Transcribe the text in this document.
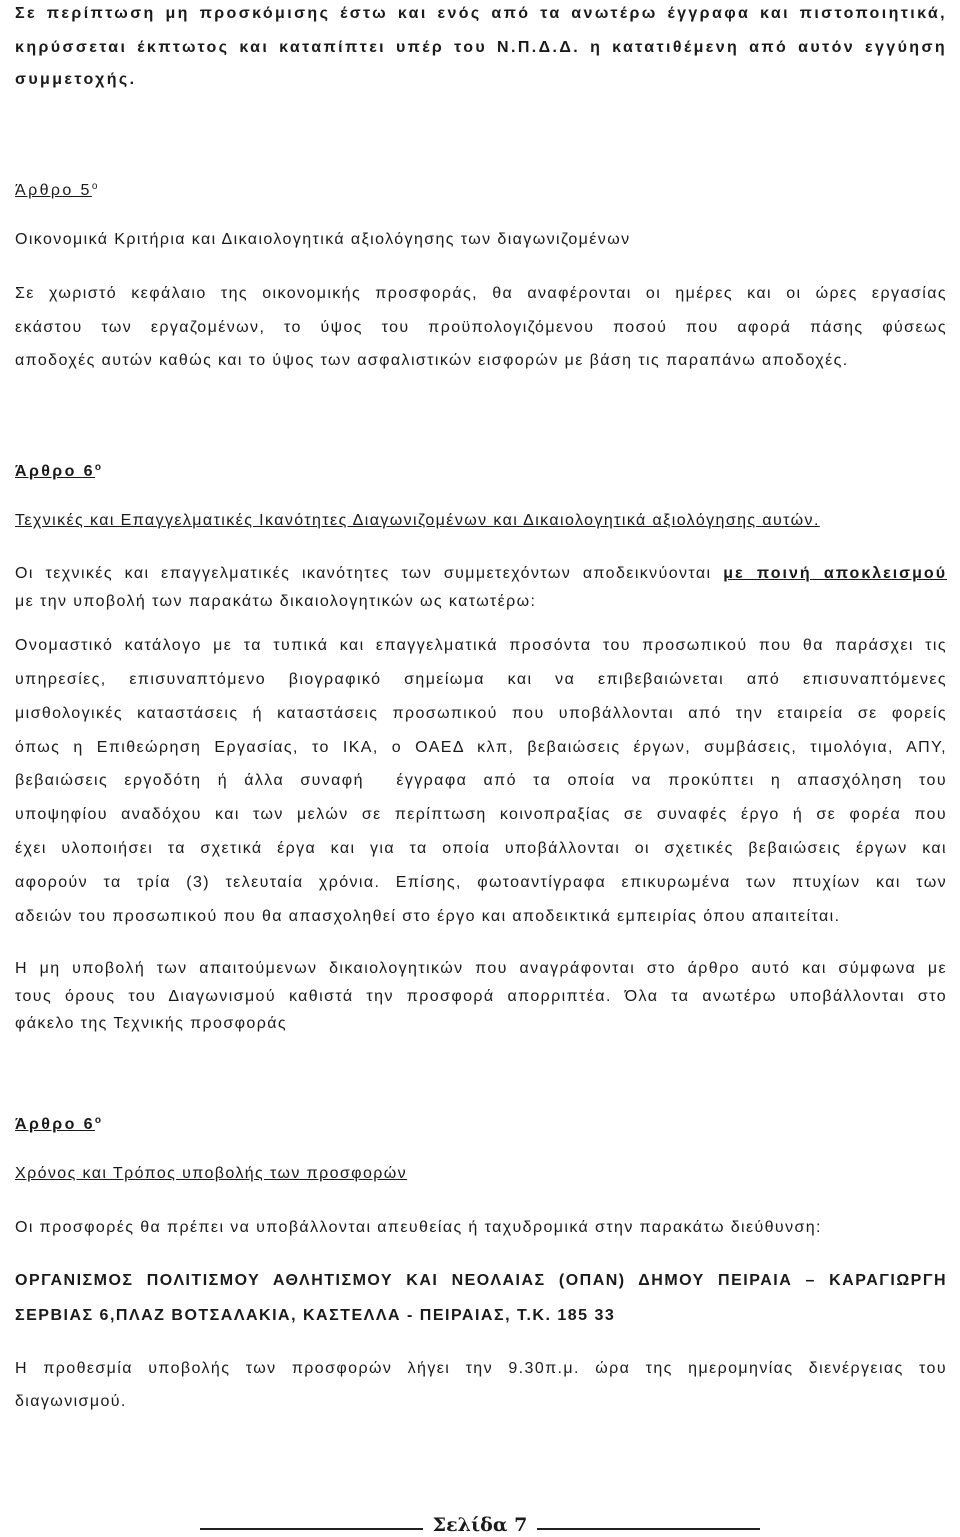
Σε περίπτωση μη προσκόμισης έστω και ενός από τα ανωτέρω έγγραφα και πιστοποιητικά,

κηρύσσεται έκπτωτος και καταπίπτει υπέρ του Ν.Π.Δ.Δ. η κατατιθέμενη από αυτόν εγγύηση

συμμετοχής.

Άρθρο $5^o$

Οικονομικά Κριτήρια και Δικαιολογητικά αξιολόγησης των διαγωνιζομένων

Σε χωριστό κεφάλαιο της οικονομικής προσφοράς, θα αναφέρονται οι ημέρες και οι ώρες εργασίας

εκάστου των εργαζομένων, το ύψος του προϋπολογιζόμενου ποσού που αφορά πάσης φύσεως

αποδοχές αυτών καθώς και το ύψος των ασφαλιστικών εισφορών με βάση τις παραπάνω αποδοχές.

Άρθρο $6^o$

Τεχνικές και Επαγγελματικές Ικανότητες Διαγωνιζομένων και Δικαιολογητικά αξιολόγησης αυτών.

Οι τεχνικές και επαγγελματικές ικανότητες των συμμετεχόντων αποδεικνύονται με ποινή αποκλεισμού

με την υποβολή των παρακάτω δικαιολογητικών ως κατωτέρω:

Ονομαστικό κατάλογο με τα τυπικά και επαγγελματικά προσόντα του προσωπικού που θα παράσχει τις

υπηρεσίες, επισυναπτόμενο βιογραφικό σημείωμα και να επιβεβαιώνεται από επισυναπτόμενες

μισθολογικές καταστάσεις ή καταστάσεις προσωπικού που υποβάλλονται από την εταιρεία σε φορείς

όπως η Επιθεώρηση Εργασίας, το ΙΚΑ, ο ΟΑΕΔ κλπ, βεβαιώσεις έργων, συμβάσεις, τιμολόγια, ΑΠΥ,

βεβαιώσεις εργοδότη ή άλλα συναφή  έγγραφα από τα οποία να προκύπτει η απασχόληση του

υποψηφίου αναδόχου και των μελών σε περίπτωση κοινοπραξίας σε συναφές έργο ή σε φορέα που

έχει υλοποιήσει τα σχετικά έργα και για τα οποία υποβάλλονται οι σχετικές βεβαιώσεις έργων και

αφορούν τα τρία (3) τελευταία χρόνια. Επίσης, φωτοαντίγραφα επικυρωμένα των πτυχίων και των

αδειών του προσωπικού που θα απασχοληθεί στο έργο και αποδεικτικά εμπειρίας όπου απαιτείται.

Η μη υποβολή των απαιτούμενων δικαιολογητικών που αναγράφονται στο άρθρο αυτό και σύμφωνα με

τους όρους του Διαγωνισμού καθιστά την προσφορά απορριπτέα. Όλα τα ανωτέρω υποβάλλονται στο

φάκελο της Τεχνικής προσφοράς

Άρθρο $6^o$

Χρόνος και Τρόπος υποβολής των προσφορών

Οι προσφορές θα πρέπει να υποβάλλονται απευθείας ή ταχυδρομικά στην παρακάτω διεύθυνση:

ΟΡΓΑΝΙΣΜΟΣ ΠΟΛΙΤΙΣΜΟΥ ΑΘΛΗΤΙΣΜΟΥ ΚΑΙ ΝΕΟΛΑΙΑΣ (ΟΠΑΝ) ΔΗΜΟΥ ΠΕΙΡΑΙΑ – ΚΑΡΑΓΙΩΡΓΗ

ΣΕΡΒΙΑΣ 6,ΠΛΑΖ ΒΟΤΣΑΛΑΚΙΑ, ΚΑΣΤΕΛΛΑ - ΠΕΙΡΑΙΑΣ, Τ.Κ. 185 33

Η προθεσμία υποβολής των προσφορών λήγει την 9.30π.μ. ώρα της ημερομηνίας διενέργειας του

διαγωνισμού.

Σελίδα 7
